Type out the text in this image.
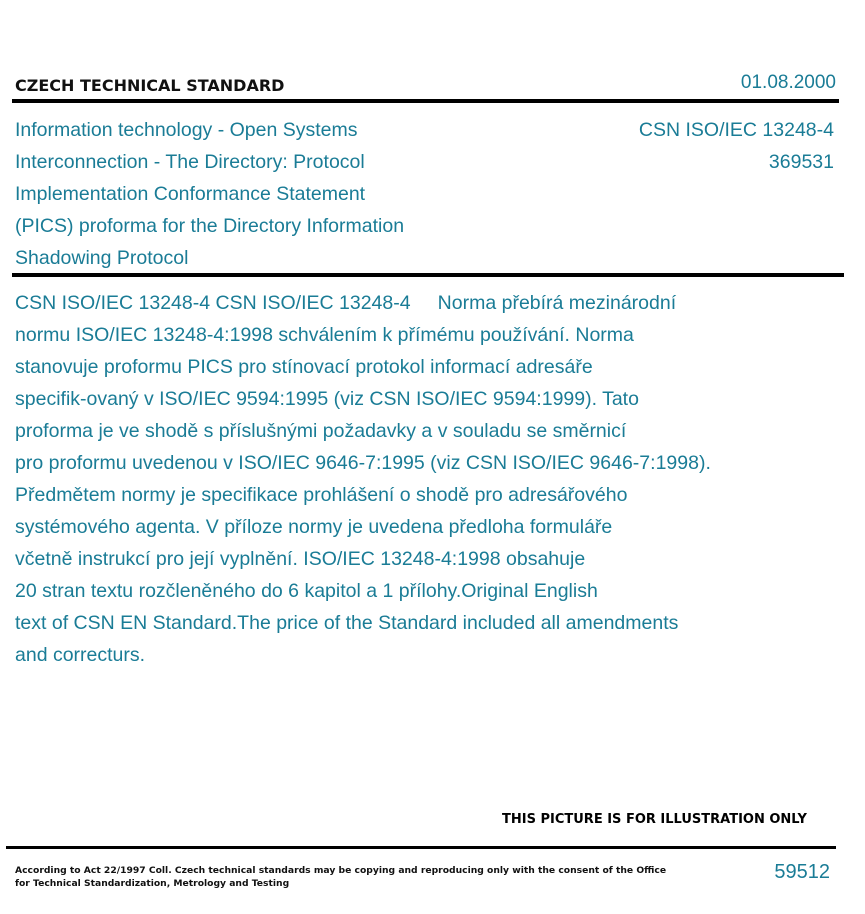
CZECH TECHNICAL STANDARD	01.08.2000
Information technology - Open Systems
Interconnection - The Directory: Protocol
Implementation Conformance Statement
(PICS) proforma for the Directory Information
Shadowing Protocol
CSN ISO/IEC 13248-4
369531
CSN ISO/IEC 13248-4 CSN ISO/IEC 13248-4     Norma přebírá mezinárodní
normu ISO/IEC 13248-4:1998 schválením k přímému používání. Norma
stanovuje proformu PICS pro stínovací protokol informací adresáře
specifik-ovaný v ISO/IEC 9594:1995 (viz CSN ISO/IEC 9594:1999). Tato
proforma je ve shodě s příslušnými požadavky a v souladu se směrnicí
pro proformu uvedenou v ISO/IEC 9646-7:1995 (viz CSN ISO/IEC 9646-7:1998).
Předmětem normy je specifikace prohlášení o shodě pro adresářového
systémového agenta. V příloze normy je uvedena předloha formuláře
včetně instrukcí pro její vyplnění. ISO/IEC 13248-4:1998 obsahuje
20 stran textu rozčleněného do 6 kapitol a 1 přílohy.Original English
text of CSN EN Standard.The price of the Standard included all amendments
and correcturs.
THIS PICTURE IS FOR ILLUSTRATION ONLY
According to Act 22/1997 Coll. Czech technical standards may be copying and reproducing only with the consent of the Office
for Technical Standardization, Metrology and Testing
59512
